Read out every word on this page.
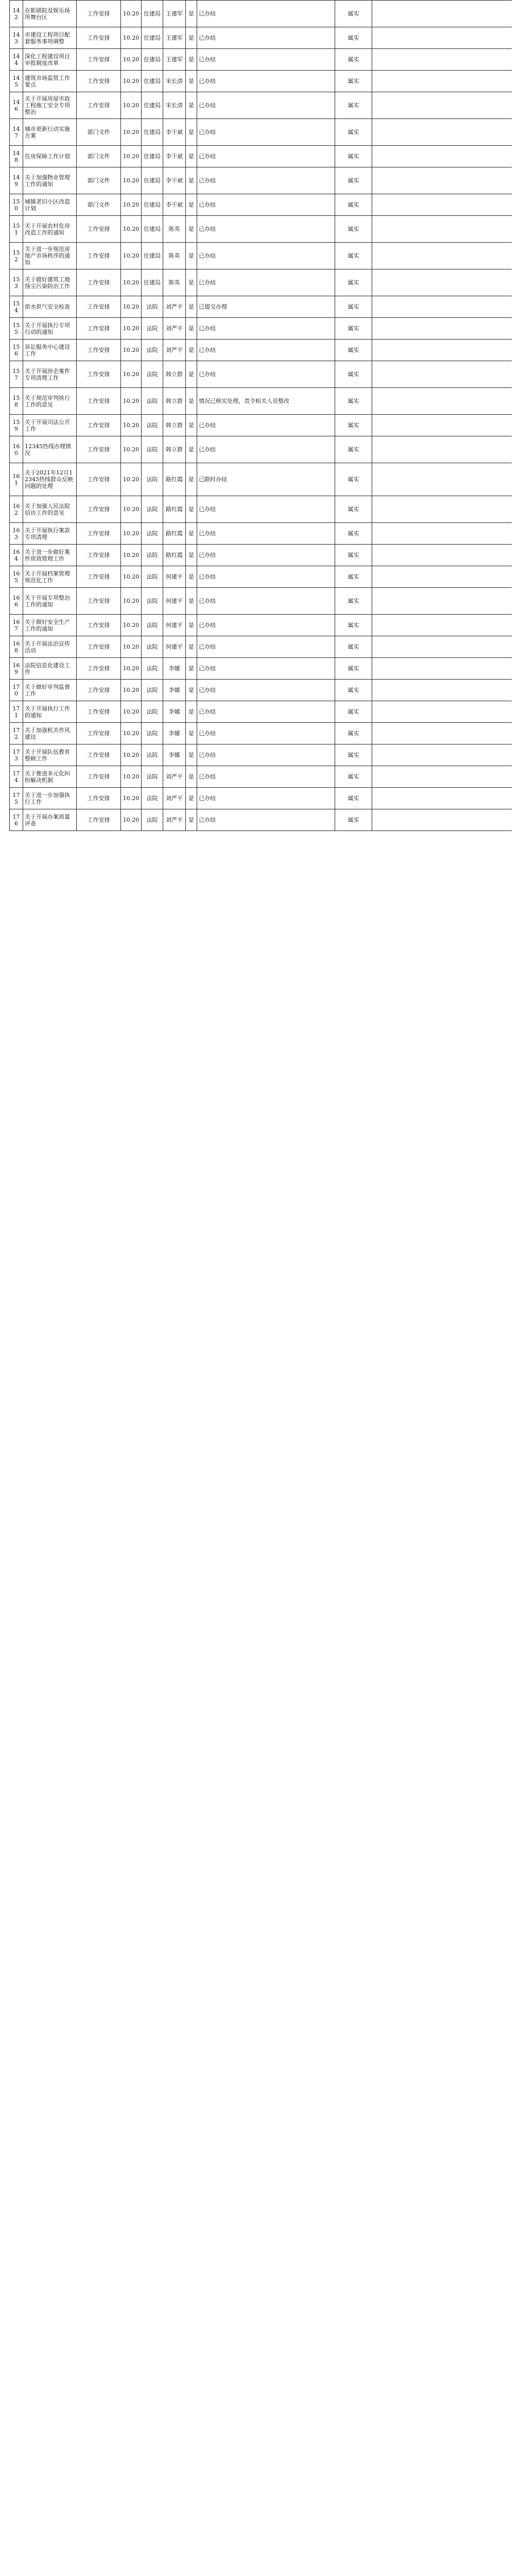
142	在影剧院及娱乐场所舞台区	工作安排	10.20	住建局	王建军	是	已办结	属实	
143	市建设工程项目配套服务事项调整	工作安排	10.20	住建局	王建军	是	已办结	属实	
144	深化工程建设项目审批制度改革	工作安排	10.20	住建局	王建军	是	已办结	属实	
145	建筑市场监管工作要点	工作安排	10.20	住建局	宋长清	是	已办结	属实	
146	关于开展房屋市政工程施工安全专项整治	工作安排	10.20	住建局	宋长清	是	已办结	属实	
147	城市更新行动实施方案	部门文件	10.20	住建局	李干斌	是	已办结	属实	
148	住房保障工作计划	部门文件	10.20	住建局	李干斌	是	已办结	属实	
149	关于加强物业管理工作的通知	部门文件	10.20	住建局	李干斌	是	已办结	属实	
150	城镇老旧小区改造计划	部门文件	10.20	住建局	李干斌	是	已办结	属实	
151	关于开展农村危房改造工作的通知	工作安排	10.20	住建局	陈英	是	已办结	属实	
152	关于进一步规范房地产市场秩序的通知	工作安排	10.20	住建局	陈英	是	已办结	属实	
153	关于做好建筑工地扬尘污染防治工作	工作安排	10.20	住建局	陈英	是	已办结	属实	
154	供水供气安全检查	工作安排	10.20	法院	刘严平	是	已提交办理	属实	
155	关于开展执行专项行动的通知	工作安排	10.20	法院	刘严平	是	已办结	属实	
156	诉讼服务中心建设工作	工作安排	10.20	法院	刘严平	是	已办结	属实	
157	关于开展涉企案件专项清理工作	工作安排	10.20	法院	韩立群	是	已办结	属实	
158	关于规范审判执行工作的意见	工作安排	10.20	法院	韩立群	是	情况已核实处理，责令相关人员整改	属实	
159	关于开展司法公开工作	工作安排	10.20	法院	韩立群	是	已办结	属实	
160	12345热线办理情况	工作安排	10.20	法院	韩立群	是	已办结	属实	
161	关于2021年12月12345热线群众反映问题的处理	工作安排	10.20	法院	路红霞	是	已限时办结	属实	
162	关于加强人民法院信访工作的意见	工作安排	10.20	法院	路红霞	是	已办结	属实	
163	关于开展执行案款专项清理	工作安排	10.20	法院	路红霞	是	已办结	属实	
164	关于进一步做好案件质效管理工作	工作安排	10.20	法院	路红霞	是	已办结	属实	
165	关于开展档案管理规范化工作	工作安排	10.20	法院	何建平	是	已办结	属实	
166	关于开展专项整治工作的通知	工作安排	10.20	法院	何建平	是	已办结	属实	
167	关于做好安全生产工作的通知	工作安排	10.20	法院	何建平	是	已办结	属实	
168	关于开展法治宣传活动	工作安排	10.20	法院	何建平	是	已办结	属实	
169	法院信息化建设工作	工作安排	10.20	法院	李娜	是	已办结	属实	
170	关于做好审判监督工作	工作安排	10.20	法院	李娜	是	已办结	属实	
171	关于开展执行工作的通知	工作安排	10.20	法院	李娜	是	已办结	属实	
172	关于加强机关作风建设	工作安排	10.20	法院	李娜	是	已办结	属实	
173	关于开展队伍教育整顿工作	工作安排	10.20	法院	李娜	是	已办结	属实	
174	关于推进多元化纠纷解决机制	工作安排	10.20	法院	刘严平	是	已办结	属实	
175	关于进一步加强执行工作	工作安排	10.20	法院	刘严平	是	已办结	属实	
176	关于开展办案质量评查	工作安排	10.20	法院	刘严平	是	已办结	属实	
